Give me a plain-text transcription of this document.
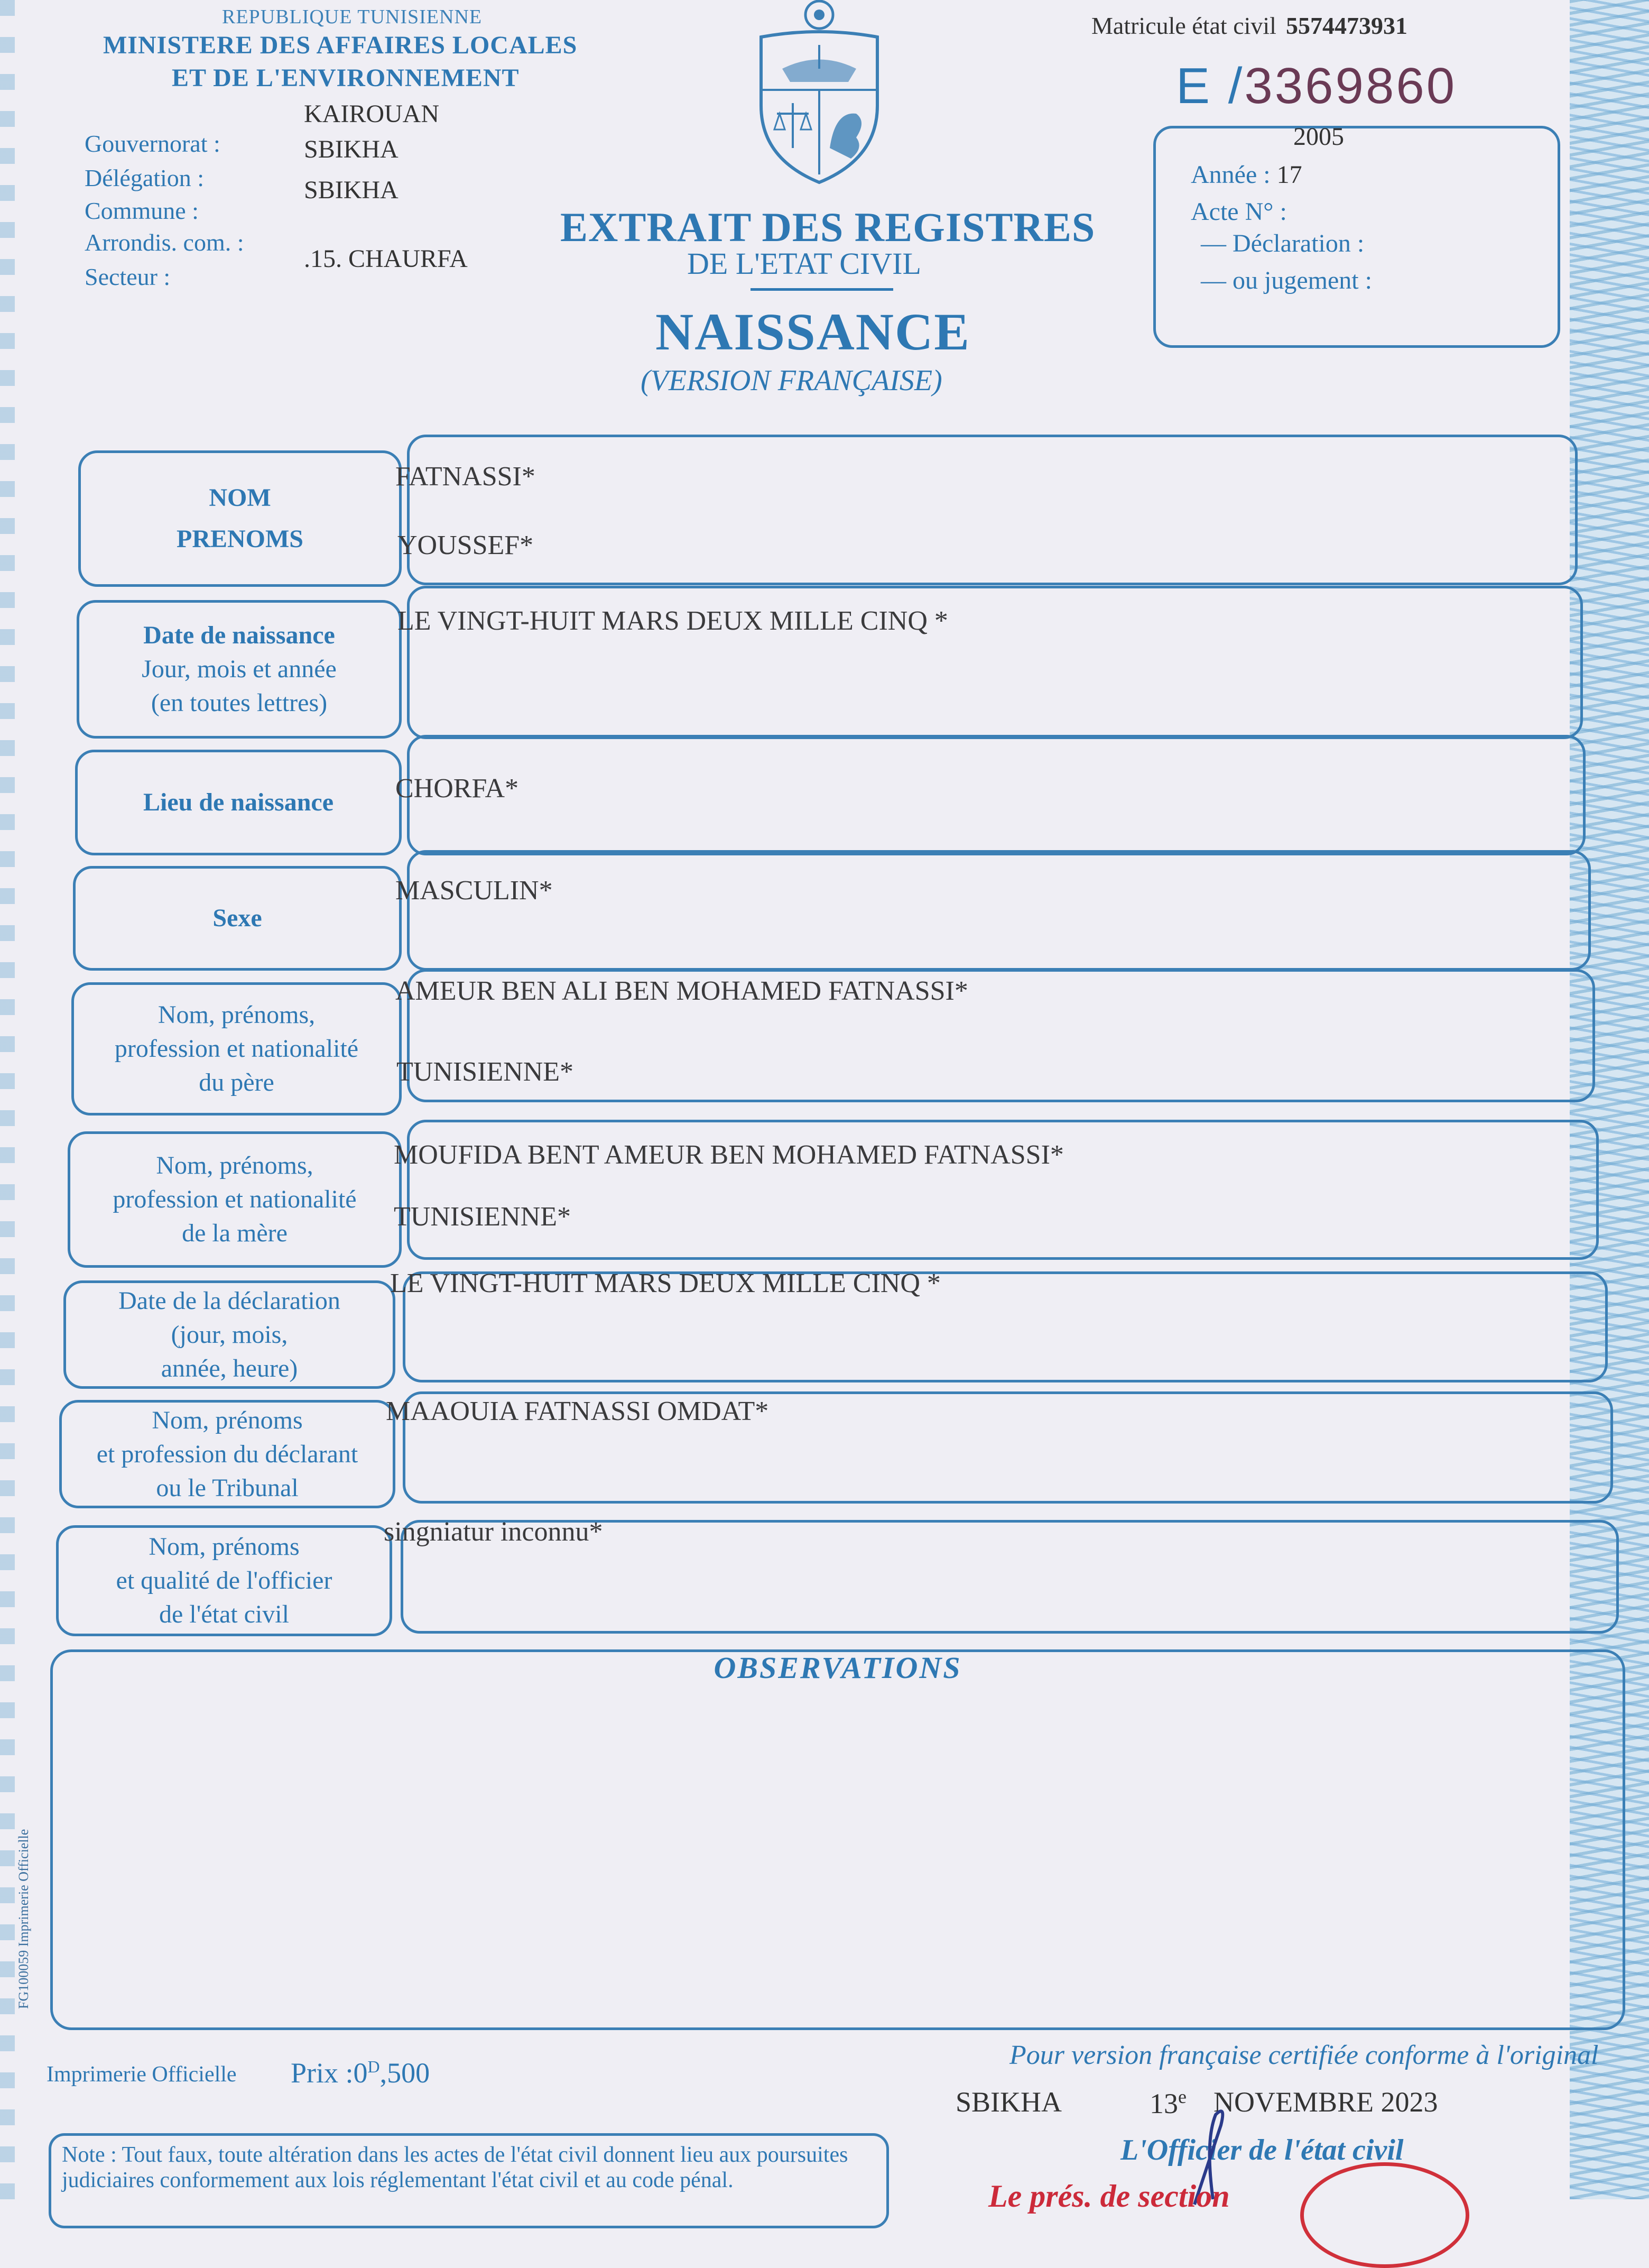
REPUBLIQUE TUNISIENNE
MINISTERE DES AFFAIRES LOCALES
ET DE L'ENVIRONNEMENT
Gouvernorat :
KAIROUAN
Délégation :
SBIKHA
Commune :
SBIKHA
Arrondis. com. :
.15. CHAURFA
Secteur :
Matricule état civil 5574473931
E /3369860
2005
Année : 17
Acte N° :
— Déclaration :
— ou jugement :
EXTRAIT DES REGISTRES
DE L'ETAT CIVIL
NAISSANCE
(VERSION FRANÇAISE)
NOM
PRENOMS
FATNASSI*
YOUSSEF*
Date de naissance
Jour, mois et année
(en toutes lettres)
LE VINGT-HUIT MARS DEUX MILLE CINQ *
Lieu de naissance CHORFA*
Sexe
MASCULIN*
Nom, prénoms,
profession et nationalité
du père
AMEUR BEN ALI BEN MOHAMED FATNASSI*
TUNISIENNE*
Nom, prénoms,
profession et nationalité
de la mère
MOUFIDA BENT AMEUR BEN MOHAMED FATNASSI*
TUNISIENNE*
Date de la déclaration
(jour, mois,
année, heure)
LE VINGT-HUIT MARS DEUX MILLE CINQ *
Nom, prénoms
et profession du déclarant
ou le Tribunal
MAAOUIA FATNASSI OMDAT*
Nom, prénoms
et qualité de l'officier
de l'état civil
singniatur inconnu*
OBSERVATIONS
FG100059 Imprimerie Officielle
Imprimerie Officielle Prix $:0^D,500$
Pour version française certifiée conforme à l'original
SBIKHA	13e NOVEMBRE 2023
L'Officier de l'état civil
Note : Tout faux, toute altération dans les actes de l'état civil donnent lieu aux poursuites judiciaires conformement aux lois réglementant l'état civil et au code pénal.	Le prés. de section
